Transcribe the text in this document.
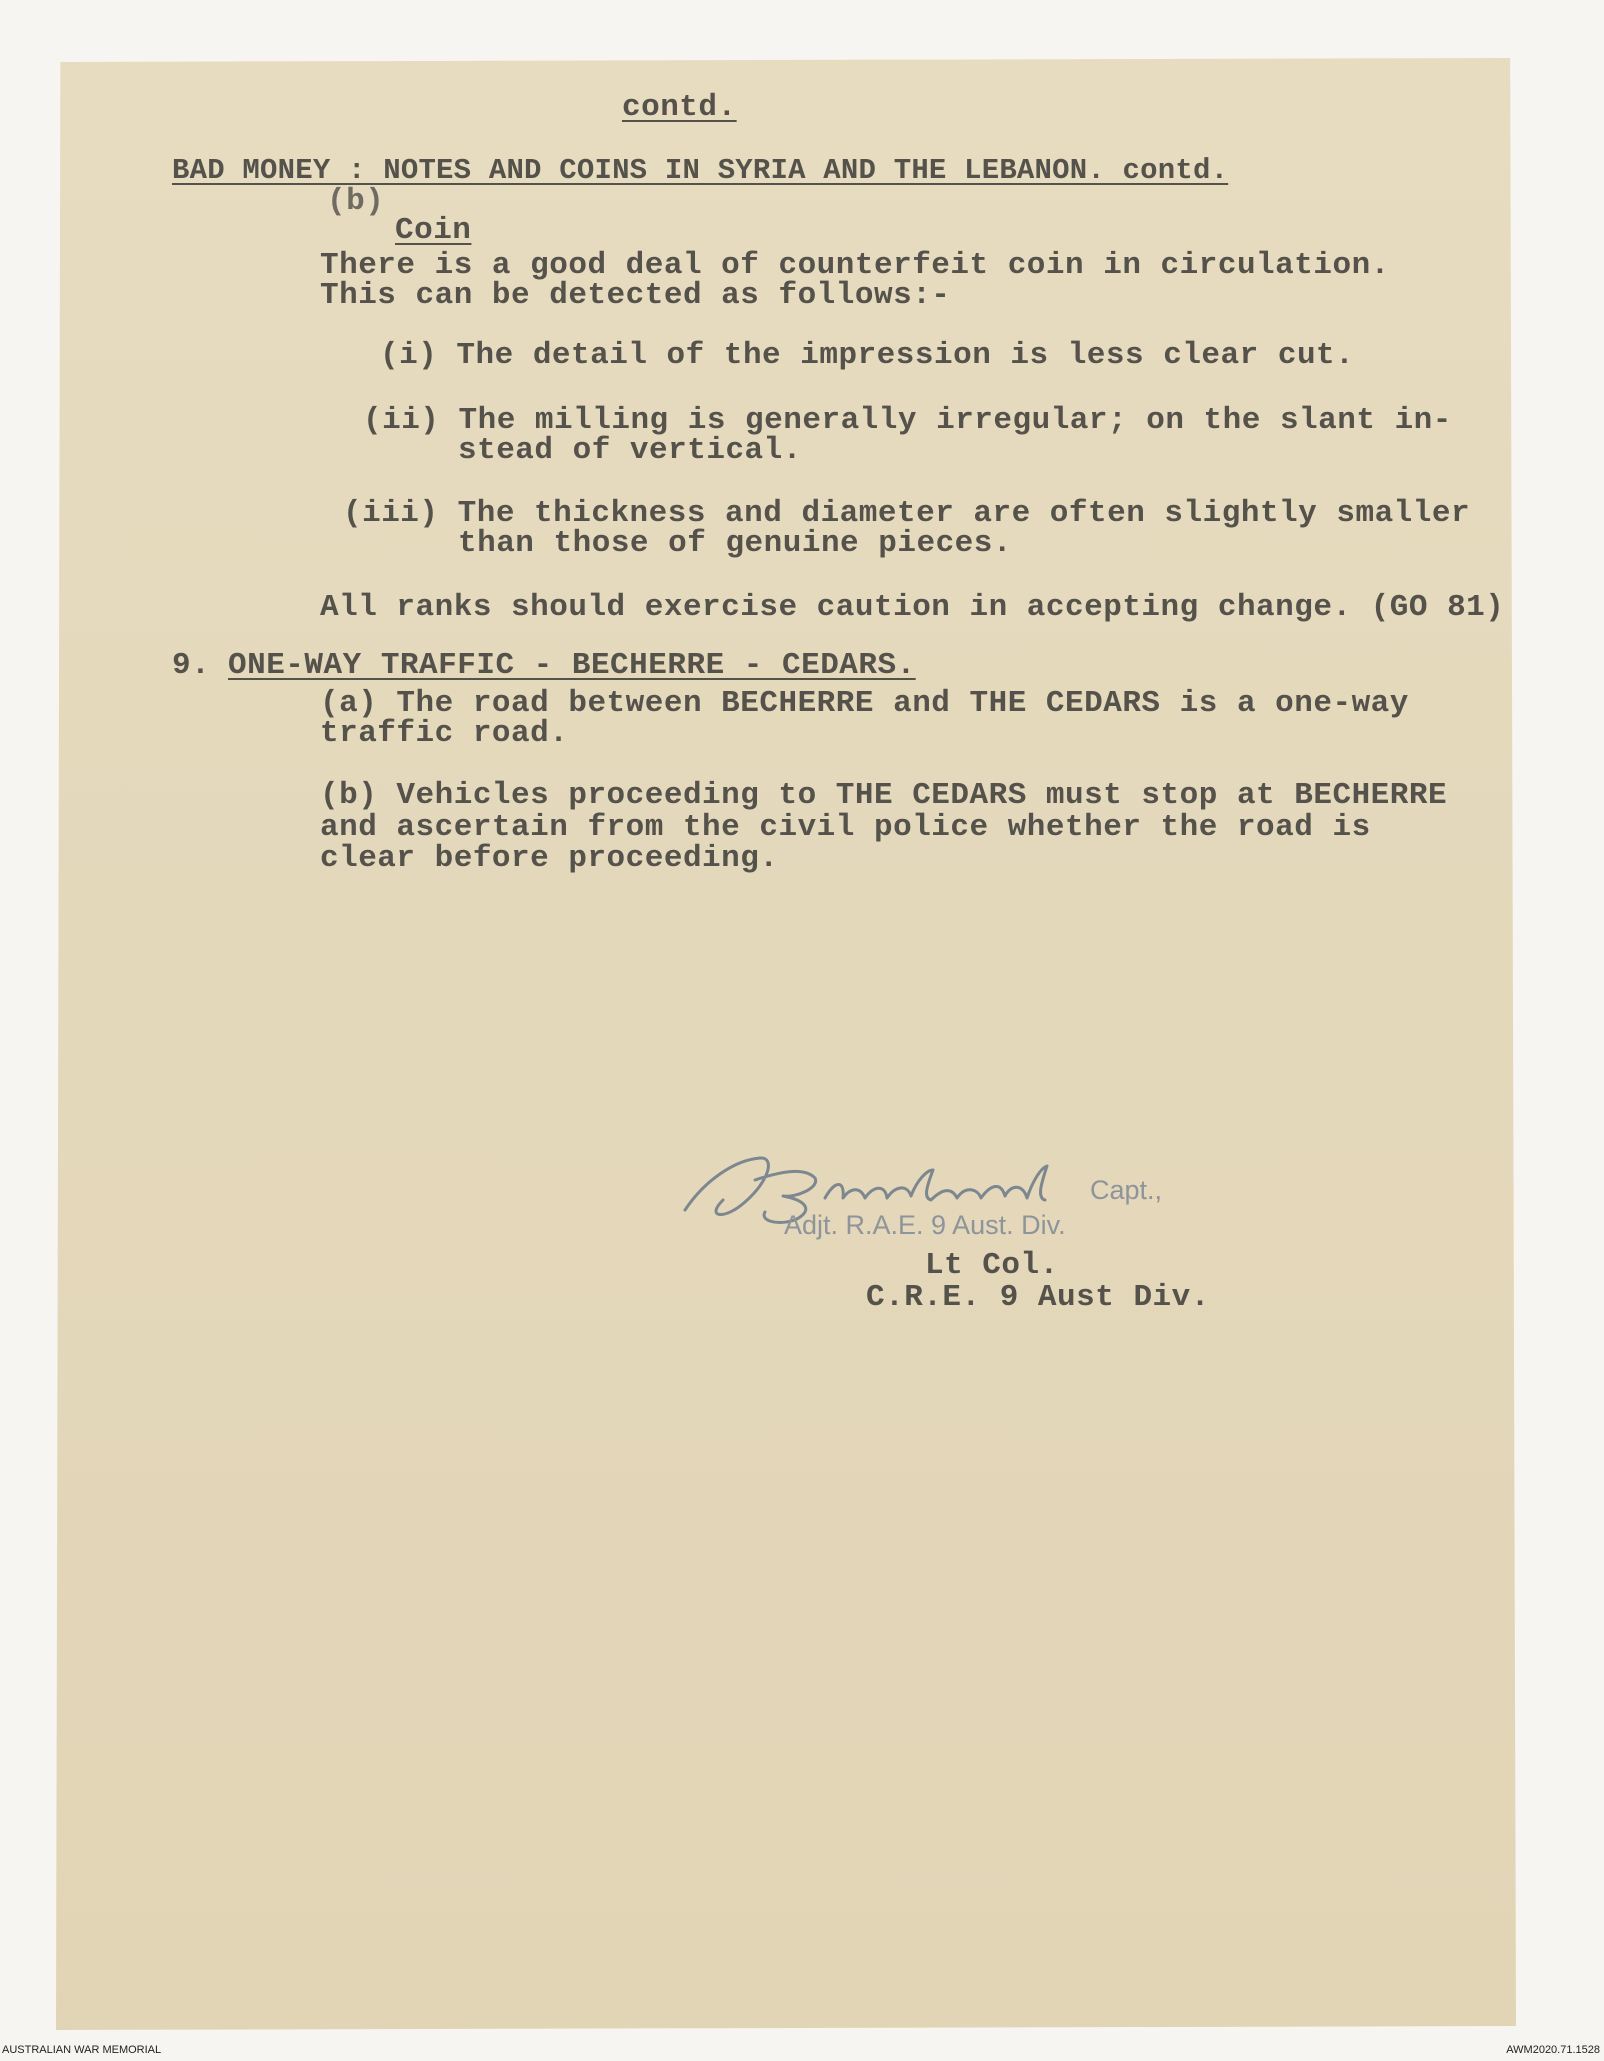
contd.
BAD MONEY : NOTES AND COINS IN SYRIA AND THE LEBANON. contd.
(b)
Coin
There is a good deal of counterfeit coin in circulation.
This can be detected as follows:-
(i) The detail of the impression is less clear cut.
(ii) The milling is generally irregular; on the slant in-
stead of vertical.
(iii) The thickness and diameter are often slightly smaller
than those of genuine pieces.
All ranks should exercise caution in accepting change. (GO 81)
9. ONE-WAY TRAFFIC - BECHERRE - CEDARS.
(a) The road between BECHERRE and THE CEDARS is a one-way
traffic road.
(b) Vehicles proceeding to THE CEDARS must stop at BECHERRE
and ascertain from the civil police whether the road is
clear before proceeding.
Capt.,
Adjt. R.A.E. 9 Aust. Div.
Lt Col.
C.R.E. 9 Aust Div.
AUSTRALIAN WAR MEMORIAL	AWM2020.71.1528
